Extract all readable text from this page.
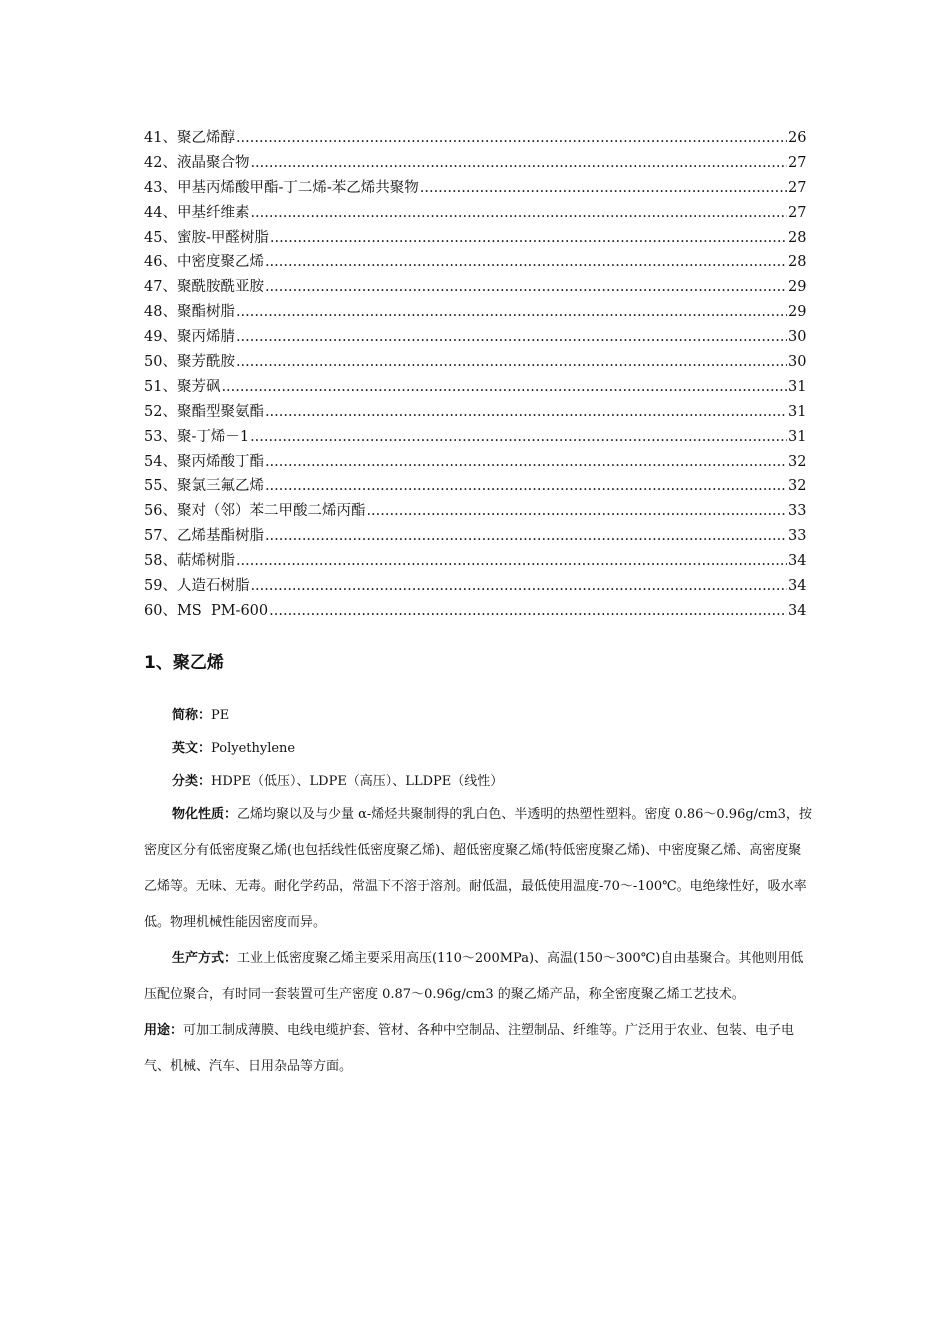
41、聚乙烯醇 .....	26
42、液晶聚合物 .....	27
43、甲基丙烯酸甲酯-丁二烯-苯乙烯共聚物 .....	27
44、甲基纤维素 .....	27
45、蜜胺-甲醛树脂 .....	28
46、中密度聚乙烯 .....	28
47、聚酰胺酰亚胺 .....	29
48、聚酯树脂 .....	29
49、聚丙烯腈 .....	30
50、聚芳酰胺 .....	30
51、聚芳砜 .....	31
52、聚酯型聚氨酯 .....	31
53、聚-丁烯－1 .....	31
54、聚丙烯酸丁酯 .....	32
55、聚氯三氟乙烯 .....	32
56、聚对（邻）苯二甲酸二烯丙酯 .....	33
57、乙烯基酯树脂 .....	33
58、萜烯树脂 .....	34
59、人造石树脂 .....	34
60、MS  PM-600 .....	34
1、聚乙烯
简称：PE
英文：Polyethylene
分类：HDPE（低压）、LDPE（高压）、LLDPE（线性）

物化性质：乙烯均聚以及与少量 α-烯烃共聚制得的乳白色、半透明的热塑性塑料。密度 0.86～0.96g/cm3，按密度区分有低密度聚乙烯(也包括线性低密度聚乙烯)、超低密度聚乙烯(特低密度聚乙烯)、中密度聚乙烯、高密度聚乙烯等。无味、无毒。耐化学药品，常温下不溶于溶剂。耐低温，最低使用温度-70～-100℃。电绝缘性好，吸水率低。物理机械性能因密度而异。

生产方式：工业上低密度聚乙烯主要采用高压(110～200MPa)、高温(150～300℃)自由基聚合。其他则用低压配位聚合，有时同一套装置可生产密度 0.87～0.96g/cm3 的聚乙烯产品，称全密度聚乙烯工艺技术。

用途：可加工制成薄膜、电线电缆护套、管材、各种中空制品、注塑制品、纤维等。广泛用于农业、包装、电子电气、机械、汽车、日用杂品等方面。
